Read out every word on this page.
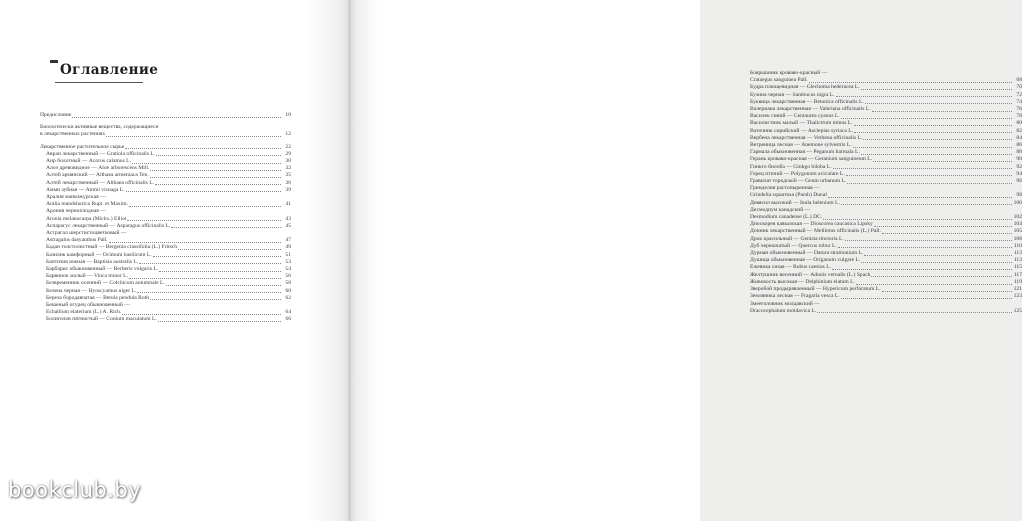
Оглавление
Предисловие	10
Биологически активные вещества, содержащиеся
в лекарственных растениях	12
Лекарственное растительное сырье	22
Авран лекарственный — Gratiola officinalis L.	29
Аир болотный — Acorus calamus L.	30
Алоэ древовидное — Aloe arborescens Mill.	32
Алтей армянский — Althaea armeniaca Ten.	35
Алтей лекарственный — Althaea officinalis L.	36
Амми зубная — Ammi visnaga L.	39
Аралия маньчжурская —
Aralia mandshurica Rupr. et Maxim.	41
Арония черноплодная —
Aronia melanocarpa (Michx.) Elliot	43
Аспарагус лекарственный — Asparagus officinalis L.	45
Астрагал шерстистоцветковый —
Astragalus dasyanthus Pall.	47
Бадан толстолистный — Bergenia crassifolia (L.) Fritsch	49
Базилик камфорный — Ocimum basilicum L.	51
Баптизия южная — Baptisia australis L.	53
Барбарис обыкновенный — Berberis vulgaris L.	54
Барвинок малый — Vinca minor L.	56
Безвременник осенний — Colchicum autumnale L.	58
Белена черная — Hyoscyamus niger L.	60
Береза бородавчатая — Betula pendula Roth	62
Бешеный огурец обыкновенный —
Ecballium elaterium (L.) A. Rich.	64
Болиголов пятнистый — Conium maculatum L.	66
Боярышник кроваво-красный —
Crataegus sanguinea Pall.	68
Будра плющевидная — Glechoma hederacea L.	70
Бузина черная — Sambucus nigra L.	72
Буквица лекарственная — Betonica officinalis L.	74
Валериана лекарственная — Valeriana officinalis L.	76
Василек синий — Centaurea cyanus L.	78
Василистник малый — Thalictrum minus L.	80
Ваточник сирийский — Asclepias syriaca L.	82
Вербена лекарственная — Verbena officinalis L.	84
Ветреница лесная — Anemone sylvestris L.	86
Гармала обыкновенная — Peganum harmala L.	88
Герань кроваво-красная — Geranium sanguineum L.	90
Гинкго билоба — Ginkgo biloba L.	92
Горец птичий — Polygonum aviculare L.	94
Гравилат городской — Geum urbanum L.	96
Гринделия растопыренная —
Grindelia squarrosa (Pursh) Dunal	98
Девясил высокий — Inula helenium L.	100
Десмодиум канадский —
Desmodium canadense (L.) DC.	102
Диоскорея кавказская — Dioscorea caucasica Lipsky	104
Донник лекарственный — Melilotus officinalis (L.) Pall.	105
Дрок красильный — Genista tinctoria L.	108
Дуб черешчатый — Quercus robur L.	110
Дурман обыкновенный — Datura stramonium L.	113
Душица обыкновенная — Origanum vulgare L.	113
Ежевика сизая — Rubus caesius L.	115
Желтушник весенний — Adonis vernalis (L.) Spach	117
Живокость высокая — Delphinium elatum L.	119
Зверобой продырявленный — Hypericum perforatum L.	121
Земляника лесная — Fragaria vesca L.	123
Змееголовник молдавский —
Dracocephalum moldavica L.	125
bookclub.by
